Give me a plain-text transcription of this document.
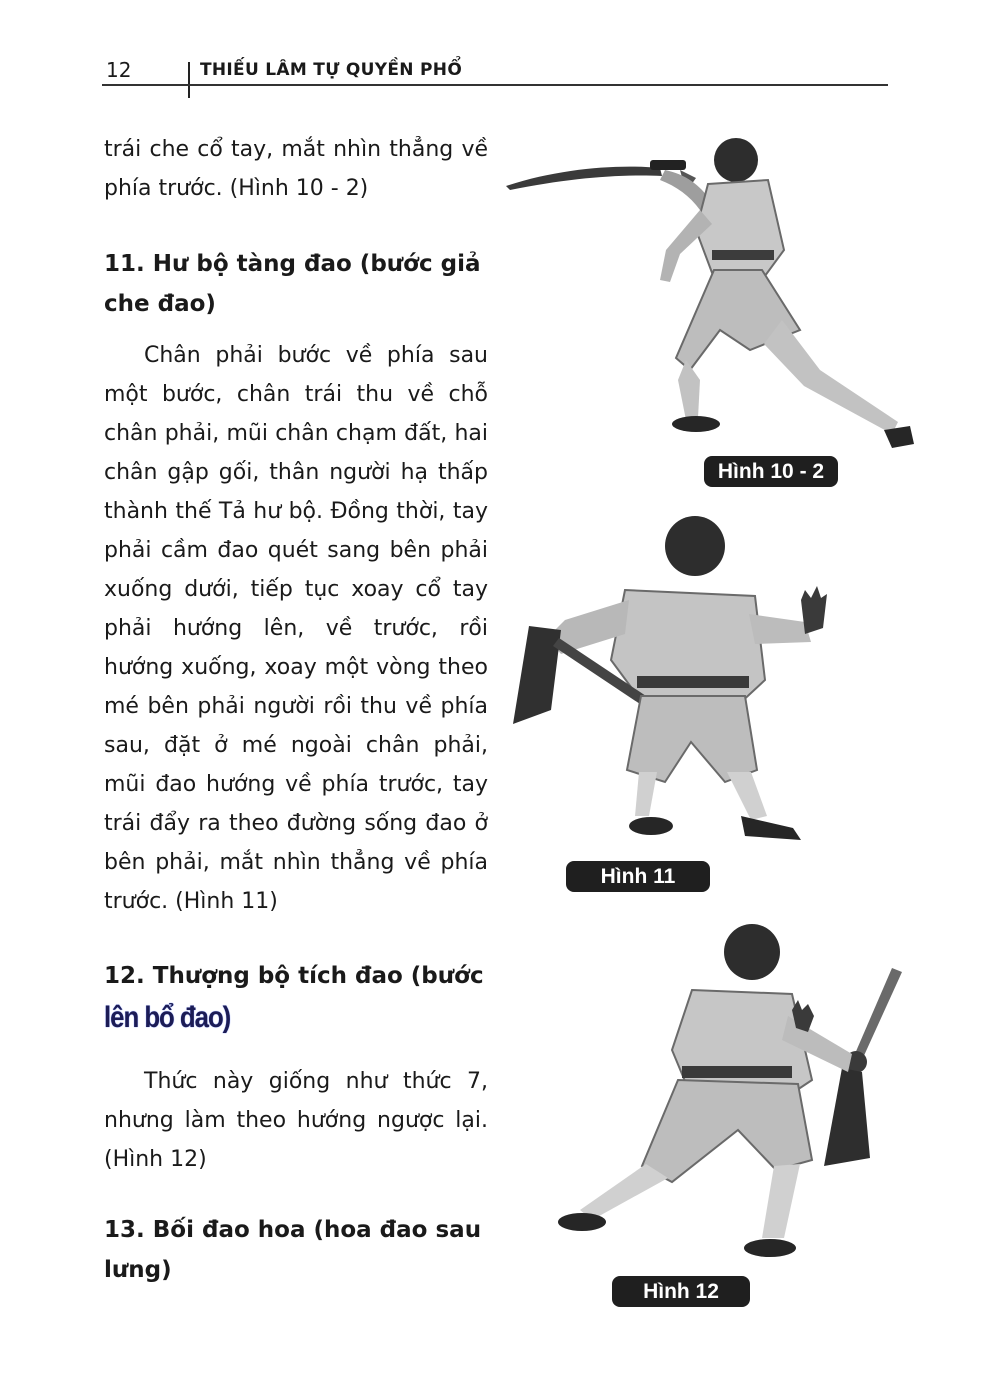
12	THIẾU LÂM TỰ QUYỀN PHỔ

trái che cổ tay, mắt nhìn thẳng về phía trước. (Hình 10 - 2)

11. Hư bộ tàng đao (bước giả che đao)

Chân phải bước về phía sau một bước, chân trái thu về chỗ chân phải, mũi chân chạm đất, hai chân gập gối, thân người hạ thấp thành thế Tả hư bộ. Đồng thời, tay phải cầm đao quét sang bên phải xuống dưới, tiếp tục xoay cổ tay phải hướng lên, về trước, rồi hướng xuống, xoay một vòng theo mé bên phải người rồi thu về phía sau, đặt ở mé ngoài chân phải, mũi đao hướng về phía trước, tay trái đẩy ra theo đường sống đao ở bên phải, mắt nhìn thẳng về phía trước. (Hình 11)

12. Thượng bộ tích đao (bước
lên bổ đao)

Thức này giống như thức 7, nhưng làm theo hướng ngược lại. (Hình 12)

13. Bối đao hoa (hoa đao sau lưng)
Hình 10 - 2
Hình 11
Hình 12
